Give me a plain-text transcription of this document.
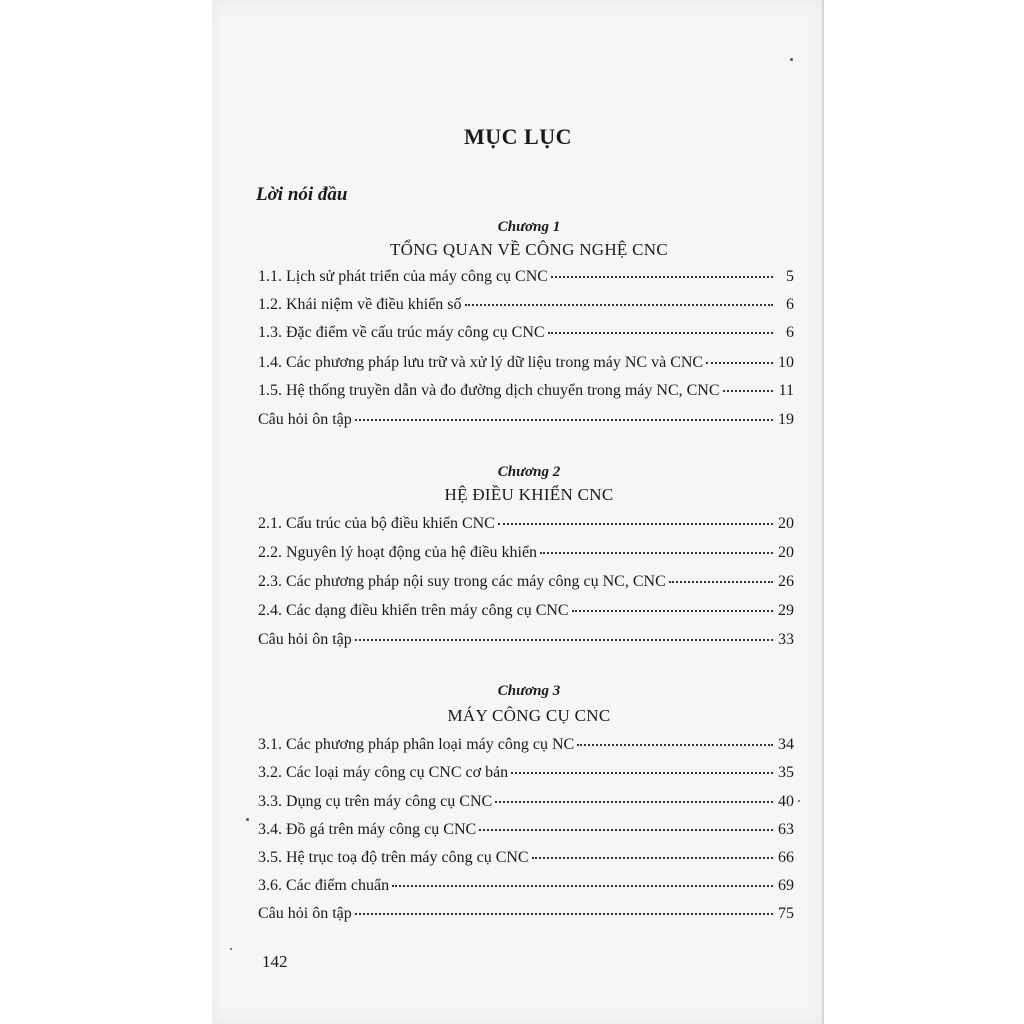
MỤC LỤC
Lời nói đầu
Chương 1
TỔNG QUAN VỀ CÔNG NGHỆ CNC
1.1. Lịch sử phát triển của máy công cụ CNC	5
1.2. Khái niệm về điều khiển số	6
1.3. Đặc điểm về cấu trúc máy công cụ CNC	6
1.4. Các phương pháp lưu trữ và xử lý dữ liệu trong máy NC và CNC	10
1.5. Hệ thống truyền dẫn và đo đường dịch chuyển trong máy NC, CNC	11
Câu hỏi ôn tập	19
Chương 2
HỆ ĐIỀU KHIỂN CNC
2.1. Cấu trúc của bộ điều khiển CNC	20
2.2. Nguyên lý hoạt động của hệ điều khiển	20
2.3. Các phương pháp nội suy trong các máy công cụ NC, CNC	26
2.4. Các dạng điều khiển trên máy công cụ CNC	29
Câu hỏi ôn tập	33
Chương 3
MÁY CÔNG CỤ CNC
3.1. Các phương pháp phân loại máy công cụ NC	34
3.2. Các loại máy công cụ CNC cơ bản	35
3.3. Dụng cụ trên máy công cụ CNC	40
3.4. Đồ gá trên máy công cụ CNC	63
3.5. Hệ trục toạ độ trên máy công cụ CNC	66
3.6. Các điểm chuẩn	69
Câu hỏi ôn tập	75
142
